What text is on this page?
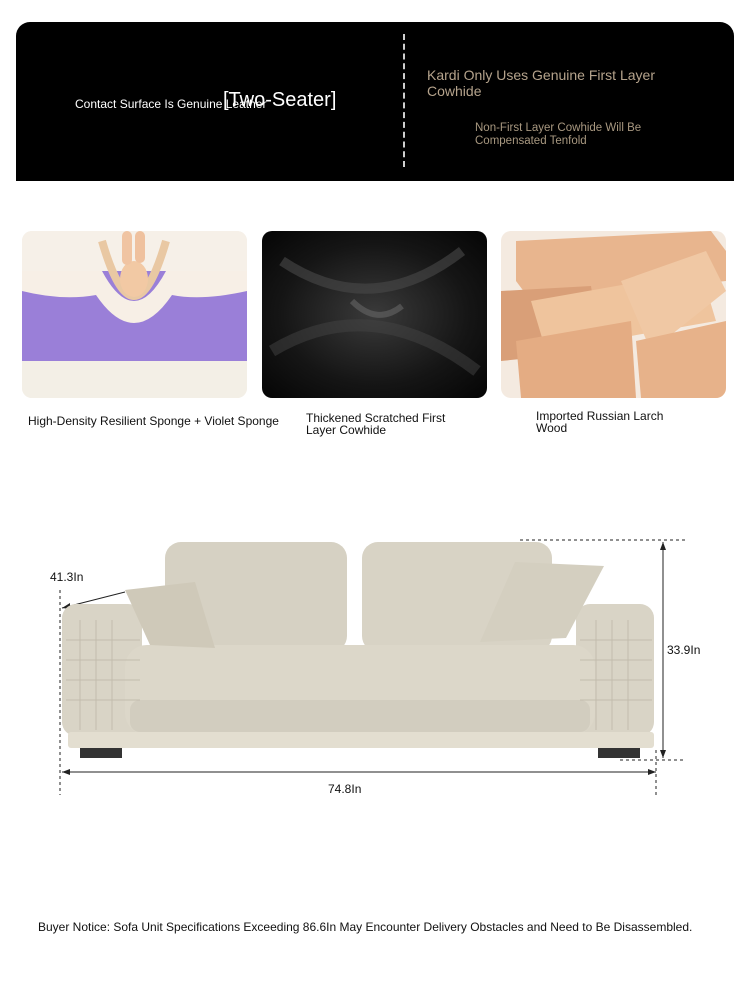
Contact Surface Is Genuine Leather
[Two-Seater]
Kardi Only Uses Genuine First Layer Cowhide
Non-First Layer Cowhide Will Be Compensated Tenfold
High-Density Resilient Sponge + Violet Sponge Thickened Scratched First Layer Cowhide
Imported Russian Larch Wood
41.3In
33.9In
74.8In
Buyer Notice: Sofa Unit Specifications Exceeding 86.6In May Encounter Delivery Obstacles and Need to Be Disassembled.
